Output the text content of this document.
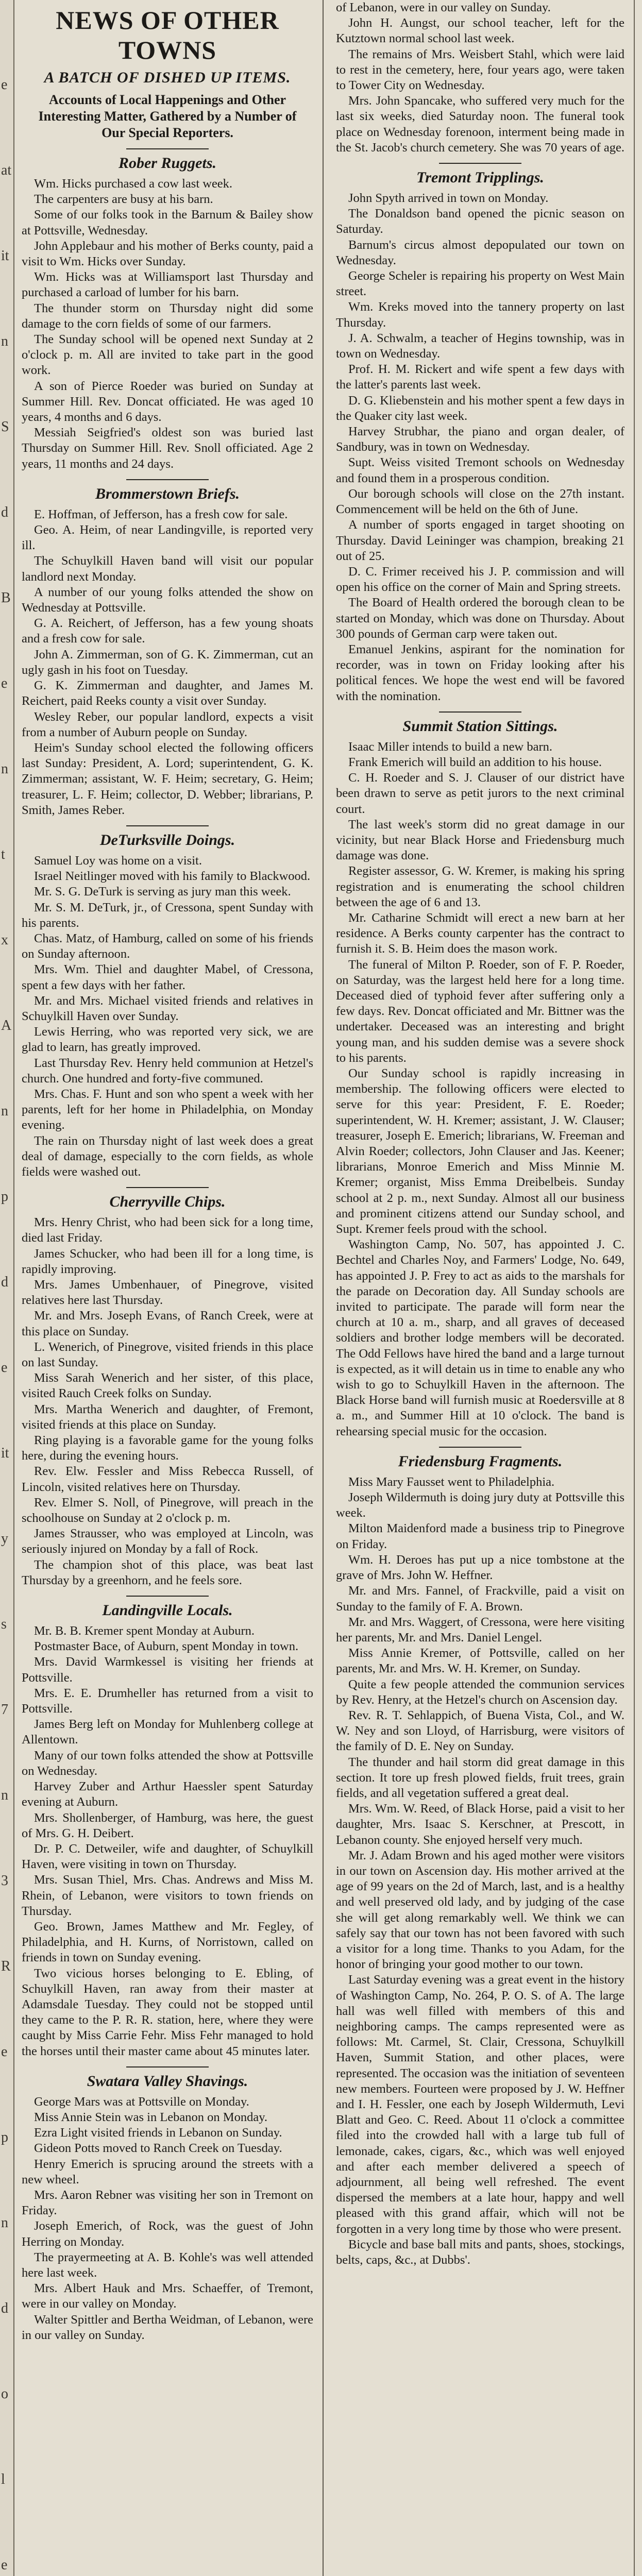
e
at
it
n
S
d
B
e
n
t
x
A
n
p
d
e
it
y
s
7
n
3
R
e
p
n
d
o
l
e
NEWS OF OTHER TOWNS
A BATCH OF DISHED UP ITEMS.
Accounts of Local Happenings and Other Interesting Matter, Gathered by a Number of Our Special Reporters.
Rober Ruggets.

Wm. Hicks purchased a cow last week.

The carpenters are busy at his barn.

Some of our folks took in the Barnum & Bailey show at Pottsville, Wednesday.

John Applebaur and his mother of Berks county, paid a visit to Wm. Hicks over Sunday.

Wm. Hicks was at Williamsport last Thursday and purchased a carload of lumber for his barn.

The thunder storm on Thursday night did some damage to the corn fields of some of our farmers.

The Sunday school will be opened next Sunday at 2 o'clock p. m. All are invited to take part in the good work.

A son of Pierce Roeder was buried on Sunday at Summer Hill. Rev. Doncat officiated. He was aged 10 years, 4 months and 6 days.

Messiah Seigfried's oldest son was buried last Thursday on Summer Hill. Rev. Snoll officiated. Age 2 years, 11 months and 24 days.

Brommerstown Briefs.

E. Hoffman, of Jefferson, has a fresh cow for sale.

Geo. A. Heim, of near Landingville, is reported very ill.

The Schuylkill Haven band will visit our popular landlord next Monday.

A number of our young folks attended the show on Wednesday at Pottsville.

G. A. Reichert, of Jefferson, has a few young shoats and a fresh cow for sale.

John A. Zimmerman, son of G. K. Zimmerman, cut an ugly gash in his foot on Tuesday.

G. K. Zimmerman and daughter, and James M. Reichert, paid Reeks county a visit over Sunday.

Wesley Reber, our popular landlord, expects a visit from a number of Auburn people on Sunday.

Heim's Sunday school elected the following officers last Sunday: President, A. Lord; superintendent, G. K. Zimmerman; assistant, W. F. Heim; secretary, G. Heim; treasurer, L. F. Heim; collector, D. Webber; librarians, P. Smith, James Reber.

DeTurksville Doings.

Samuel Loy was home on a visit.

Israel Neitlinger moved with his family to Blackwood.

Mr. S. G. DeTurk is serving as jury man this week.

Mr. S. M. DeTurk, jr., of Cressona, spent Sunday with his parents.

Chas. Matz, of Hamburg, called on some of his friends on Sunday afternoon.

Mrs. Wm. Thiel and daughter Mabel, of Cressona, spent a few days with her father.

Mr. and Mrs. Michael visited friends and relatives in Schuylkill Haven over Sunday.

Lewis Herring, who was reported very sick, we are glad to learn, has greatly improved.

Last Thursday Rev. Henry held communion at Hetzel's church. One hundred and forty-five communed.

Mrs. Chas. F. Hunt and son who spent a week with her parents, left for her home in Philadelphia, on Monday evening.

The rain on Thursday night of last week does a great deal of damage, especially to the corn fields, as whole fields were washed out.

Cherryville Chips.

Mrs. Henry Christ, who had been sick for a long time, died last Friday.

James Schucker, who had been ill for a long time, is rapidly improving.

Mrs. James Umbenhauer, of Pinegrove, visited relatives here last Thursday.

Mr. and Mrs. Joseph Evans, of Ranch Creek, were at this place on Sunday.

L. Wenerich, of Pinegrove, visited friends in this place on last Sunday.

Miss Sarah Wenerich and her sister, of this place, visited Rauch Creek folks on Sunday.

Mrs. Martha Wenerich and daughter, of Fremont, visited friends at this place on Sunday.

Ring playing is a favorable game for the young folks here, during the evening hours.

Rev. Elw. Fessler and Miss Rebecca Russell, of Lincoln, visited relatives here on Thursday.

Rev. Elmer S. Noll, of Pinegrove, will preach in the schoolhouse on Sunday at 2 o'clock p. m.

James Strausser, who was employed at Lincoln, was seriously injured on Monday by a fall of Rock.

The champion shot of this place, was beat last Thursday by a greenhorn, and he feels sore.

Landingville Locals.

Mr. B. B. Kremer spent Monday at Auburn.

Postmaster Bace, of Auburn, spent Monday in town.

Mrs. David Warmkessel is visiting her friends at Pottsville.

Mrs. E. E. Drumheller has returned from a visit to Pottsville.

James Berg left on Monday for Muhlenberg college at Allentown.

Many of our town folks attended the show at Pottsville on Wednesday.

Harvey Zuber and Arthur Haessler spent Saturday evening at Auburn.

Mrs. Shollenberger, of Hamburg, was here, the guest of Mrs. G. H. Deibert.

Dr. P. C. Detweiler, wife and daughter, of Schuylkill Haven, were visiting in town on Thursday.

Mrs. Susan Thiel, Mrs. Chas. Andrews and Miss M. Rhein, of Lebanon, were visitors to town friends on Thursday.

Geo. Brown, James Matthew and Mr. Fegley, of Philadelphia, and H. Kurns, of Norristown, called on friends in town on Sunday evening.

Two vicious horses belonging to E. Ebling, of Schuylkill Haven, ran away from their master at Adamsdale Tuesday. They could not be stopped until they came to the P. R. R. station, here, where they were caught by Miss Carrie Fehr. Miss Fehr managed to hold the horses until their master came about 45 minutes later.

Swatara Valley Shavings.

George Mars was at Pottsville on Monday.

Miss Annie Stein was in Lebanon on Monday.

Ezra Light visited friends in Lebanon on Sunday.

Gideon Potts moved to Ranch Creek on Tuesday.

Henry Emerich is sprucing around the streets with a new wheel.

Mrs. Aaron Rebner was visiting her son in Tremont on Friday.

Joseph Emerich, of Rock, was the guest of John Herring on Monday.

The prayermeeting at A. B. Kohle's was well attended here last week.

Mrs. Albert Hauk and Mrs. Schaeffer, of Tremont, were in our valley on Monday.

Walter Spittler and Bertha Weidman, of Lebanon, were in our valley on Sunday.

of Lebanon, were in our valley on Sunday.

John H. Aungst, our school teacher, left for the Kutztown normal school last week.

The remains of Mrs. Weisbert Stahl, which were laid to rest in the cemetery, here, four years ago, were taken to Tower City on Wednesday.

Mrs. John Spancake, who suffered very much for the last six weeks, died Saturday noon. The funeral took place on Wednesday forenoon, interment being made in the St. Jacob's church cemetery. She was 70 years of age.

Tremont Tripplings.

John Spyth arrived in town on Monday.

The Donaldson band opened the picnic season on Saturday.

Barnum's circus almost depopulated our town on Wednesday.

George Scheler is repairing his property on West Main street.

Wm. Kreks moved into the tannery property on last Thursday.

J. A. Schwalm, a teacher of Hegins township, was in town on Wednesday.

Prof. H. M. Rickert and wife spent a few days with the latter's parents last week.

D. G. Kliebenstein and his mother spent a few days in the Quaker city last week.

Harvey Strubhar, the piano and organ dealer, of Sandbury, was in town on Wednesday.

Supt. Weiss visited Tremont schools on Wednesday and found them in a prosperous condition.

Our borough schools will close on the 27th instant. Commencement will be held on the 6th of June.

A number of sports engaged in target shooting on Thursday. David Leininger was champion, breaking 21 out of 25.

D. C. Frimer received his J. P. commission and will open his office on the corner of Main and Spring streets.

The Board of Health ordered the borough clean to be started on Monday, which was done on Thursday. About 300 pounds of German carp were taken out.

Emanuel Jenkins, aspirant for the nomination for recorder, was in town on Friday looking after his political fences. We hope the west end will be favored with the nomination.

Summit Station Sittings.

Isaac Miller intends to build a new barn.

Frank Emerich will build an addition to his house.

C. H. Roeder and S. J. Clauser of our district have been drawn to serve as petit jurors to the next criminal court.

The last week's storm did no great damage in our vicinity, but near Black Horse and Friedensburg much damage was done.

Register assessor, G. W. Kremer, is making his spring registration and is enumerating the school children between the age of 6 and 13.

Mr. Catharine Schmidt will erect a new barn at her residence. A Berks county carpenter has the contract to furnish it. S. B. Heim does the mason work.

The funeral of Milton P. Roeder, son of F. P. Roeder, on Saturday, was the largest held here for a long time. Deceased died of typhoid fever after suffering only a few days. Rev. Doncat officiated and Mr. Bittner was the undertaker. Deceased was an interesting and bright young man, and his sudden demise was a severe shock to his parents.

Our Sunday school is rapidly increasing in membership. The following officers were elected to serve for this year: President, F. E. Roeder; superintendent, W. H. Kremer; assistant, J. W. Clauser; treasurer, Joseph E. Emerich; librarians, W. Freeman and Alvin Roeder; collectors, John Clauser and Jas. Keener; librarians, Monroe Emerich and Miss Minnie M. Kremer; organist, Miss Emma Dreibelbeis. Sunday school at 2 p. m., next Sunday. Almost all our business and prominent citizens attend our Sunday school, and Supt. Kremer feels proud with the school.

Washington Camp, No. 507, has appointed J. C. Bechtel and Charles Noy, and Farmers' Lodge, No. 649, has appointed J. P. Frey to act as aids to the marshals for the parade on Decoration day. All Sunday schools are invited to participate. The parade will form near the church at 10 a. m., sharp, and all graves of deceased soldiers and brother lodge members will be decorated. The Odd Fellows have hired the band and a large turnout is expected, as it will detain us in time to enable any who wish to go to Schuylkill Haven in the afternoon. The Black Horse band will furnish music at Roedersville at 8 a. m., and Summer Hill at 10 o'clock. The band is rehearsing special music for the occasion.

Friedensburg Fragments.

Miss Mary Fausset went to Philadelphia.

Joseph Wildermuth is doing jury duty at Pottsville this week.

Milton Maidenford made a business trip to Pinegrove on Friday.

Wm. H. Deroes has put up a nice tombstone at the grave of Mrs. John W. Heffner.

Mr. and Mrs. Fannel, of Frackville, paid a visit on Sunday to the family of F. A. Brown.

Mr. and Mrs. Waggert, of Cressona, were here visiting her parents, Mr. and Mrs. Daniel Lengel.

Miss Annie Kremer, of Pottsville, called on her parents, Mr. and Mrs. W. H. Kremer, on Sunday.

Quite a few people attended the communion services by Rev. Henry, at the Hetzel's church on Ascension day.

Rev. R. T. Sehlappich, of Buena Vista, Col., and W. W. Ney and son Lloyd, of Harrisburg, were visitors of the family of D. E. Ney on Sunday.

The thunder and hail storm did great damage in this section. It tore up fresh plowed fields, fruit trees, grain fields, and all vegetation suffered a great deal.

Mrs. Wm. W. Reed, of Black Horse, paid a visit to her daughter, Mrs. Isaac S. Kerschner, at Prescott, in Lebanon county. She enjoyed herself very much.

Mr. J. Adam Brown and his aged mother were visitors in our town on Ascension day. His mother arrived at the age of 99 years on the 2d of March, last, and is a healthy and well preserved old lady, and by judging of the case she will get along remarkably well. We think we can safely say that our town has not been favored with such a visitor for a long time. Thanks to you Adam, for the honor of bringing your good mother to our town.

Last Saturday evening was a great event in the history of Washington Camp, No. 264, P. O. S. of A. The large hall was well filled with members of this and neighboring camps. The camps represented were as follows: Mt. Carmel, St. Clair, Cressona, Schuylkill Haven, Summit Station, and other places, were represented. The occasion was the initiation of seventeen new members. Fourteen were proposed by J. W. Heffner and I. H. Fessler, one each by Joseph Wildermuth, Levi Blatt and Geo. C. Reed. About 11 o'clock a committee filed into the crowded hall with a large tub full of lemonade, cakes, cigars, &c., which was well enjoyed and after each member delivered a speech of adjournment, all being well refreshed. The event dispersed the members at a late hour, happy and well pleased with this grand affair, which will not be forgotten in a very long time by those who were present.

Bicycle and base ball mits and pants, shoes, stockings, belts, caps, &c., at Dubbs'.
